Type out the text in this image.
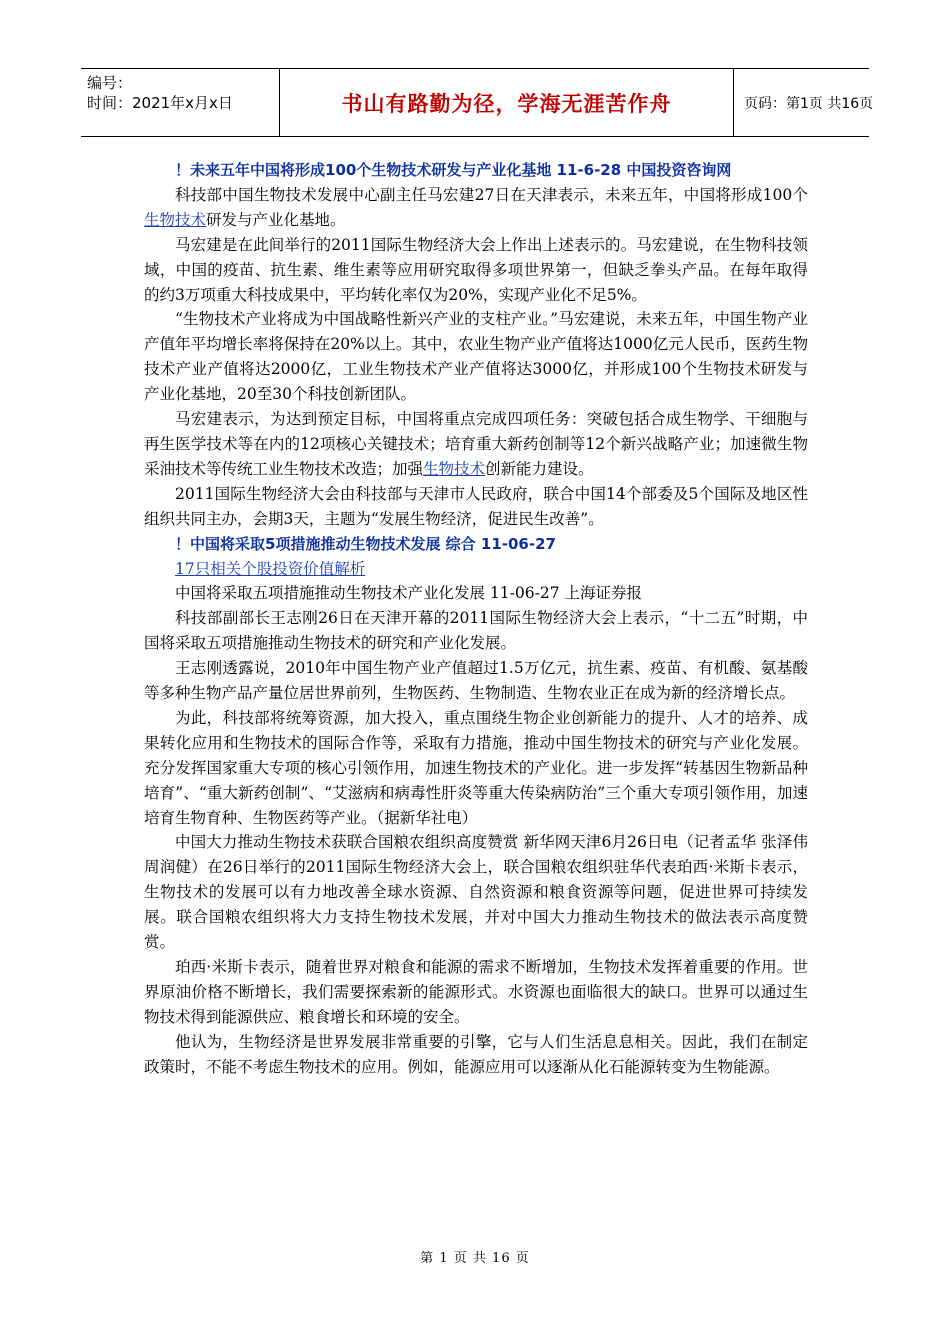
编号：
时间：2021年x月x日	书山有路勤为径，学海无涯苦作舟	页码：第1页 共16页

！未来五年中国将形成100个生物技术研发与产业化基地 11-6-28 中国投资咨询网

科技部中国生物技术发展中心副主任马宏建27日在天津表示，未来五年，中国将形成100个生物技术研发与产业化基地。

马宏建是在此间举行的2011国际生物经济大会上作出上述表示的。马宏建说，在生物科技领域，中国的疫苗、抗生素、维生素等应用研究取得多项世界第一，但缺乏拳头产品。在每年取得的约3万项重大科技成果中，平均转化率仅为20%，实现产业化不足5%。

“生物技术产业将成为中国战略性新兴产业的支柱产业。”马宏建说，未来五年，中国生物产业产值年平均增长率将保持在20%以上。其中，农业生物产业产值将达1000亿元人民币，医药生物技术产业产值将达2000亿，工业生物技术产业产值将达3000亿，并形成100个生物技术研发与产业化基地，20至30个科技创新团队。

马宏建表示，为达到预定目标，中国将重点完成四项任务：突破包括合成生物学、干细胞与再生医学技术等在内的12项核心关键技术；培育重大新药创制等12个新兴战略产业；加速微生物采油技术等传统工业生物技术改造；加强生物技术创新能力建设。

2011国际生物经济大会由科技部与天津市人民政府，联合中国14个部委及5个国际及地区性组织共同主办，会期3天，主题为“发展生物经济，促进民生改善”。

！中国将采取5项措施推动生物技术发展 综合 11-06-27

17只相关个股投资价值解析

中国将采取五项措施推动生物技术产业化发展 11-06-27 上海证券报

科技部副部长王志刚26日在天津开幕的2011国际生物经济大会上表示，“十二五”时期，中国将采取五项措施推动生物技术的研究和产业化发展。

王志刚透露说，2010年中国生物产业产值超过1.5万亿元，抗生素、疫苗、有机酸、氨基酸等多种生物产品产量位居世界前列，生物医药、生物制造、生物农业正在成为新的经济增长点。

为此，科技部将统筹资源，加大投入，重点围绕生物企业创新能力的提升、人才的培养、成果转化应用和生物技术的国际合作等，采取有力措施，推动中国生物技术的研究与产业化发展。充分发挥国家重大专项的核心引领作用，加速生物技术的产业化。进一步发挥“转基因生物新品种培育”、“重大新药创制”、“艾滋病和病毒性肝炎等重大传染病防治”三个重大专项引领作用，加速培育生物育种、生物医药等产业。（据新华社电）

中国大力推动生物技术获联合国粮农组织高度赞赏 新华网天津6月26日电（记者孟华 张泽伟 周润健）在26日举行的2011国际生物经济大会上，联合国粮农组织驻华代表珀西·米斯卡表示，生物技术的发展可以有力地改善全球水资源、自然资源和粮食资源等问题，促进世界可持续发展。联合国粮农组织将大力支持生物技术发展，并对中国大力推动生物技术的做法表示高度赞赏。

珀西·米斯卡表示，随着世界对粮食和能源的需求不断增加，生物技术发挥着重要的作用。世界原油价格不断增长，我们需要探索新的能源形式。水资源也面临很大的缺口。世界可以通过生物技术得到能源供应、粮食增长和环境的安全。

他认为，生物经济是世界发展非常重要的引擎，它与人们生活息息相关。因此，我们在制定政策时，不能不考虑生物技术的应用。例如，能源应用可以逐渐从化石能源转变为生物能源。

第 1 页 共 16 页
